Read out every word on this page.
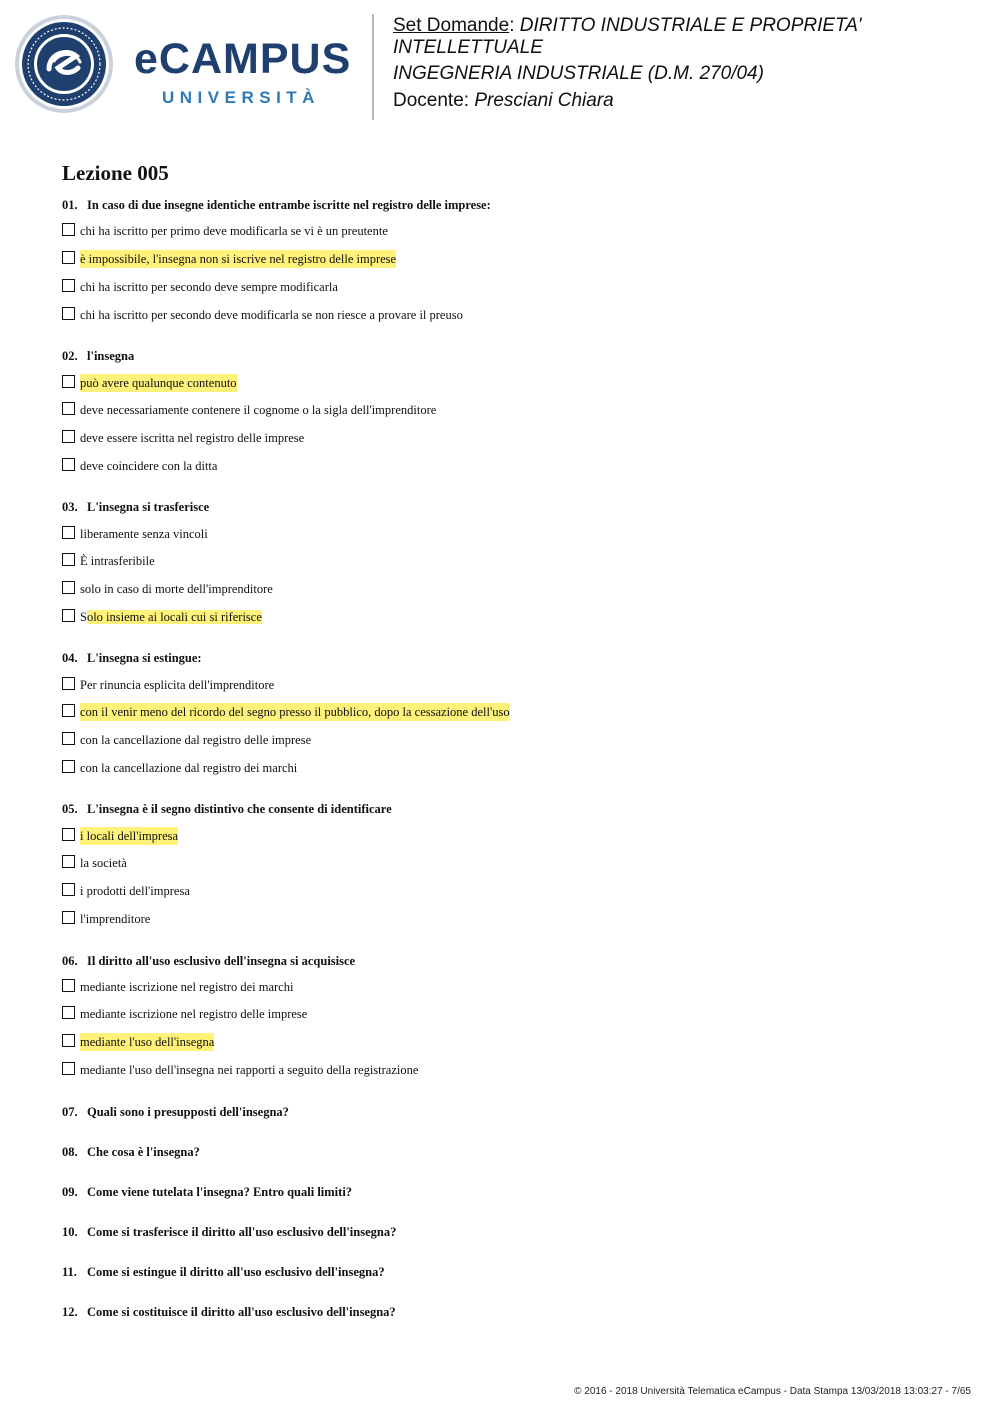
eCAMPUS
UNIVERSITÀ
Set Domande: DIRITTO INDUSTRIALE E PROPRIETA'
INTELLETTUALE
INGEGNERIA INDUSTRIALE (D.M. 270/04)
Docente: Presciani Chiara
Lezione 005
01. In caso di due insegne identiche entrambe iscritte nel registro delle imprese:
chi ha iscritto per primo deve modificarla se vi è un preutente
è impossibile, l'insegna non si iscrive nel registro delle imprese
chi ha iscritto per secondo deve sempre modificarla
chi ha iscritto per secondo deve modificarla se non riesce a provare il preuso
02. l'insegna
può avere qualunque contenuto
deve necessariamente contenere il cognome o la sigla dell'imprenditore
deve essere iscritta nel registro delle imprese
deve coincidere con la ditta
03. L'insegna si trasferisce
liberamente senza vincoli
È intrasferibile
solo in caso di morte dell'imprenditore
Solo insieme ai locali cui si riferisce
04. L'insegna si estingue:
Per rinuncia esplicita dell'imprenditore
con il venir meno del ricordo del segno presso il pubblico, dopo la cessazione dell'uso
con la cancellazione dal registro delle imprese
con la cancellazione dal registro dei marchi
05. L'insegna è il segno distintivo che consente di identificare
i locali dell'impresa
la società
i prodotti dell'impresa
l'imprenditore
06. Il diritto all'uso esclusivo dell'insegna si acquisisce
mediante iscrizione nel registro dei marchi
mediante iscrizione nel registro delle imprese
mediante l'uso dell'insegna
mediante l'uso dell'insegna nei rapporti a seguito della registrazione
07. Quali sono i presupposti dell'insegna?
08. Che cosa è l'insegna?
09. Come viene tutelata l'insegna? Entro quali limiti?
10. Come si trasferisce il diritto all'uso esclusivo dell'insegna?
11. Come si estingue il diritto all'uso esclusivo dell'insegna?
12. Come si costituisce il diritto all'uso esclusivo dell'insegna?
© 2016 - 2018 Università Telematica eCampus - Data Stampa 13/03/2018 13:03:27 - 7/65
